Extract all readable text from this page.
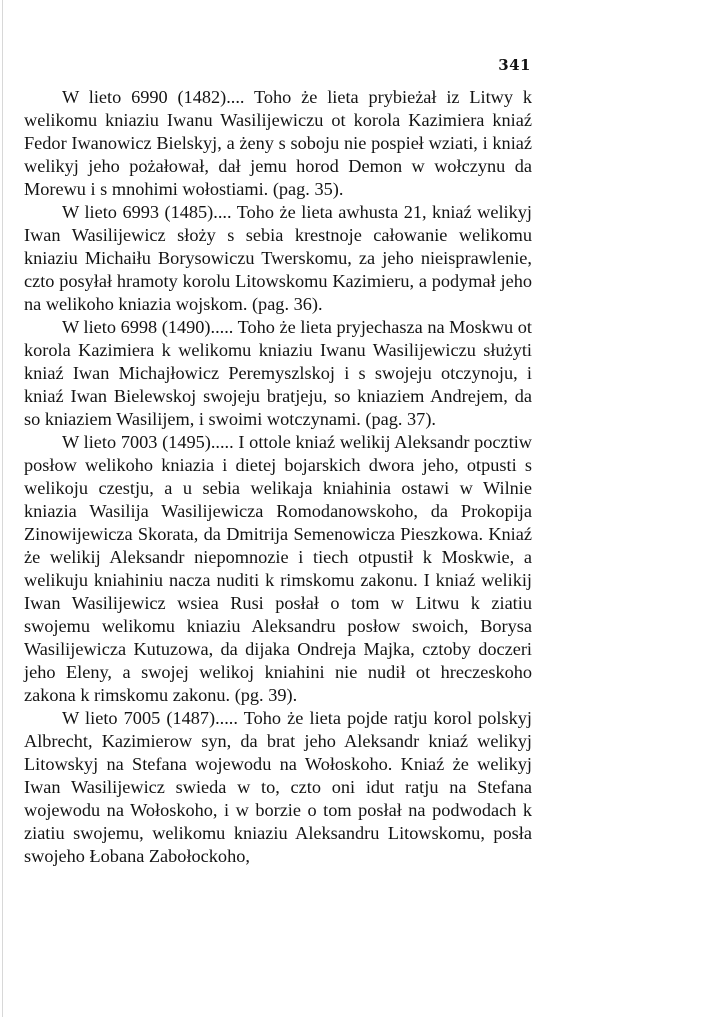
341

W lieto 6990 (1482).... Toho że lieta prybieżał iz Litwy k welikomu kniaziu Iwanu Wasilijewiczu ot korola Kazimiera kniaź Fedor Iwanowicz Bielskyj, a żeny s soboju nie pospieł wziati, i kniaź welikyj jeho pożałował, dał jemu horod Demon w wołczynu da Morewu i s mnohimi wołostiami. (pag. 35).

W lieto 6993 (1485).... Toho że lieta awhusta 21, kniaź welikyj Iwan Wasilijewicz słoży s sebia krestnoje całowanie welikomu kniaziu Michaiłu Borysowiczu Twerskomu, za jeho nieisprawlenie, czto posyłał hramoty korolu Litowskomu Kazimieru, a podymał jeho na welikoho kniazia wojskom. (pag. 36).

W lieto 6998 (1490)..... Toho że lieta pryjechasza na Moskwu ot korola Kazimiera k welikomu kniaziu Iwanu Wasilijewiczu służyti kniaź Iwan Michajłowicz Peremyszlskoj i s swojeju otczynoju, i kniaź Iwan Bielewskoj swojeju bratjeju, so kniaziem Andrejem, da so kniaziem Wasilijem, i swoimi wotczynami. (pag. 37).

W lieto 7003 (1495)..... I ottole kniaź welikij Aleksandr pocztiw posłow welikoho kniazia i dietej bojarskich dwora jeho, otpusti s welikoju czestju, a u sebia welikaja kniahinia ostawi w Wilnie kniazia Wasilija Wasilijewicza Romodanowskoho, da Prokopija Zinowijewicza Skorata, da Dmitrija Semenowicza Pieszkowa. Kniaź że welikij Aleksandr niepomnozie i tiech otpustił k Moskwie, a welikuju kniahiniu nacza nuditi k rimskomu zakonu. I kniaź welikij Iwan Wasilijewicz wsiea Rusi posłał o tom w Litwu k ziatiu swojemu welikomu kniaziu Aleksandru posłow swoich, Borysa Wasilijewicza Kutuzowa, da dijaka Ondreja Majka, cztoby doczeri jeho Eleny, a swojej welikoj kniahini nie nudił ot hreczeskoho zakona k rimskomu zakonu. (pg. 39).

W lieto 7005 (1487)..... Toho że lieta pojde ratju korol polskyj Albrecht, Kazimierow syn, da brat jeho Aleksandr kniaź welikyj Litowskyj na Stefana wojewodu na Wołoskoho. Kniaź że welikyj Iwan Wasilijewicz swieda w to, czto oni idut ratju na Stefana wojewodu na Wołoskoho, i w borzie o tom posłał na podwodach k ziatiu swojemu, welikomu kniaziu Aleksandru Litowskomu, posła swojeho Łobana Zabołockoho,
